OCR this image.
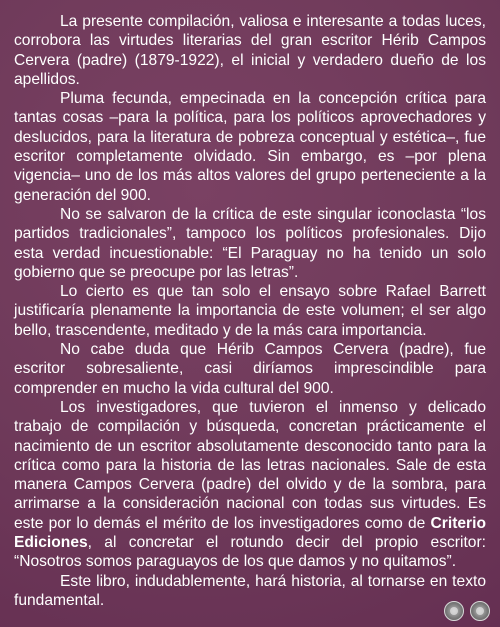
La presente compilación, valiosa e interesante a todas luces, corrobora las virtudes literarias del gran escritor Hérib Campos Cervera (padre) (1879-1922), el inicial y verdadero dueño de los apellidos.

Pluma fecunda, empecinada en la concepción crítica para tantas cosas –para la política, para los políticos aprovechadores y deslucidos, para la literatura de pobreza conceptual y estética–, fue escritor completamente olvidado. Sin embargo, es –por plena vigencia– uno de los más altos valores del grupo perteneciente a la generación del 900.

No se salvaron de la crítica de este singular iconoclasta “los partidos tradicionales”, tampoco los políticos profesionales. Dijo esta verdad incuestionable: “El Paraguay no ha tenido un solo gobierno que se preocupe por las letras”.

Lo cierto es que tan solo el ensayo sobre Rafael Barrett justificaría plenamente la importancia de este volumen; el ser algo bello, trascendente, meditado y de la más cara importancia.

No cabe duda que Hérib Campos Cervera (padre), fue escritor sobresaliente, casi diríamos imprescindible para comprender en mucho la vida cultural del 900.

Los investigadores, que tuvieron el inmenso y delicado trabajo de compilación y búsqueda, concretan prácticamente el nacimiento de un escritor absolutamente desconocido tanto para la crítica como para la historia de las letras nacionales. Sale de esta manera Campos Cervera (padre) del olvido y de la sombra, para arrimarse a la consideración nacional con todas sus virtudes. Es este por lo demás el mérito de los investigadores como de Criterio Ediciones, al concretar el rotundo decir del propio escritor: “Nosotros somos paraguayos de los que damos y no quitamos”.

Este libro, indudablemente, hará historia, al tornarse en texto fundamental.
